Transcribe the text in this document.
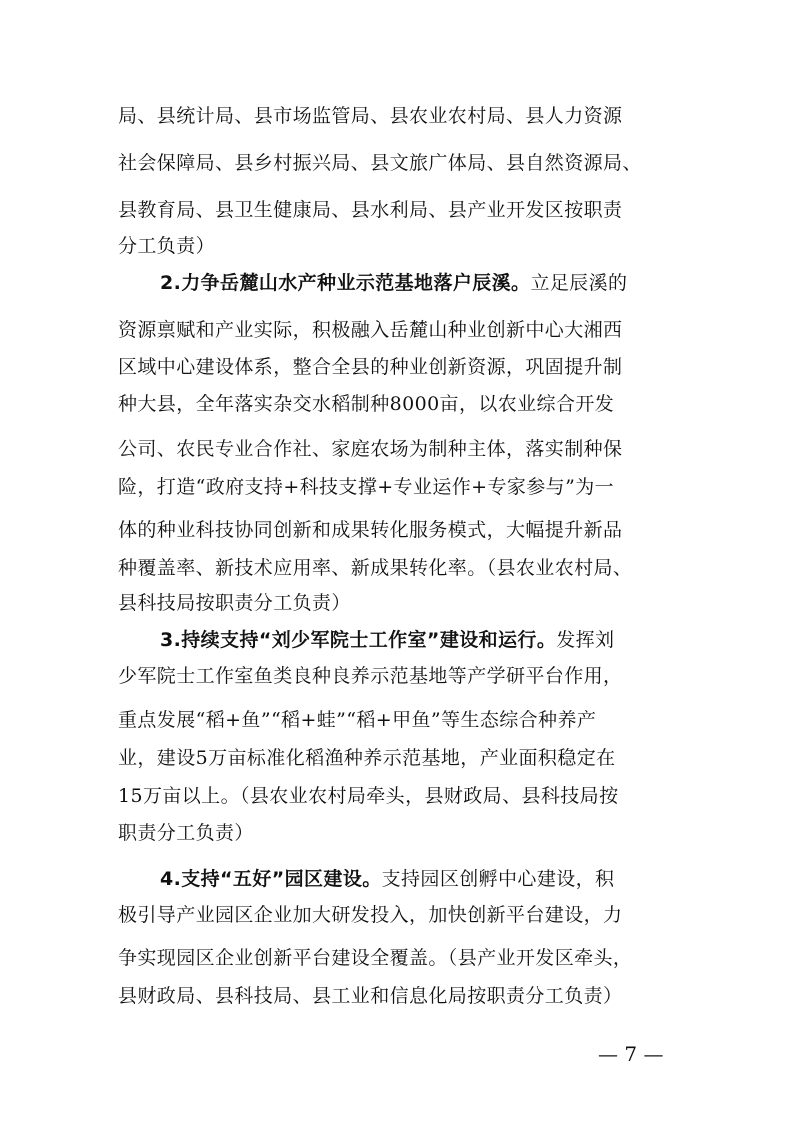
局、县统计局、县市场监管局、县农业农村局、县人力资源
社会保障局、县乡村振兴局、县文旅广体局、县自然资源局、
县教育局、县卫生健康局、县水利局、县产业开发区按职责
分工负责）
2.力争岳麓山水产种业示范基地落户辰溪。立足辰溪的
资源禀赋和产业实际，积极融入岳麓山种业创新中心大湘西
区域中心建设体系，整合全县的种业创新资源，巩固提升制
种大县，全年落实杂交水稻制种8000亩，以农业综合开发
公司、农民专业合作社、家庭农场为制种主体，落实制种保
险，打造“政府支持+科技支撑+专业运作+专家参与”为一
体的种业科技协同创新和成果转化服务模式，大幅提升新品
种覆盖率、新技术应用率、新成果转化率。（县农业农村局、
县科技局按职责分工负责）
3.持续支持“刘少军院士工作室”建设和运行。发挥刘
少军院士工作室鱼类良种良养示范基地等产学研平台作用，
重点发展“稻+鱼”“稻+蛙”“稻+甲鱼”等生态综合种养产
业，建设5万亩标准化稻渔种养示范基地，产业面积稳定在
15万亩以上。（县农业农村局牵头，县财政局、县科技局按
职责分工负责）
4.支持“五好”园区建设。支持园区创孵中心建设，积
极引导产业园区企业加大研发投入，加快创新平台建设，力
争实现园区企业创新平台建设全覆盖。（县产业开发区牵头，
县财政局、县科技局、县工业和信息化局按职责分工负责）
— 7 —
